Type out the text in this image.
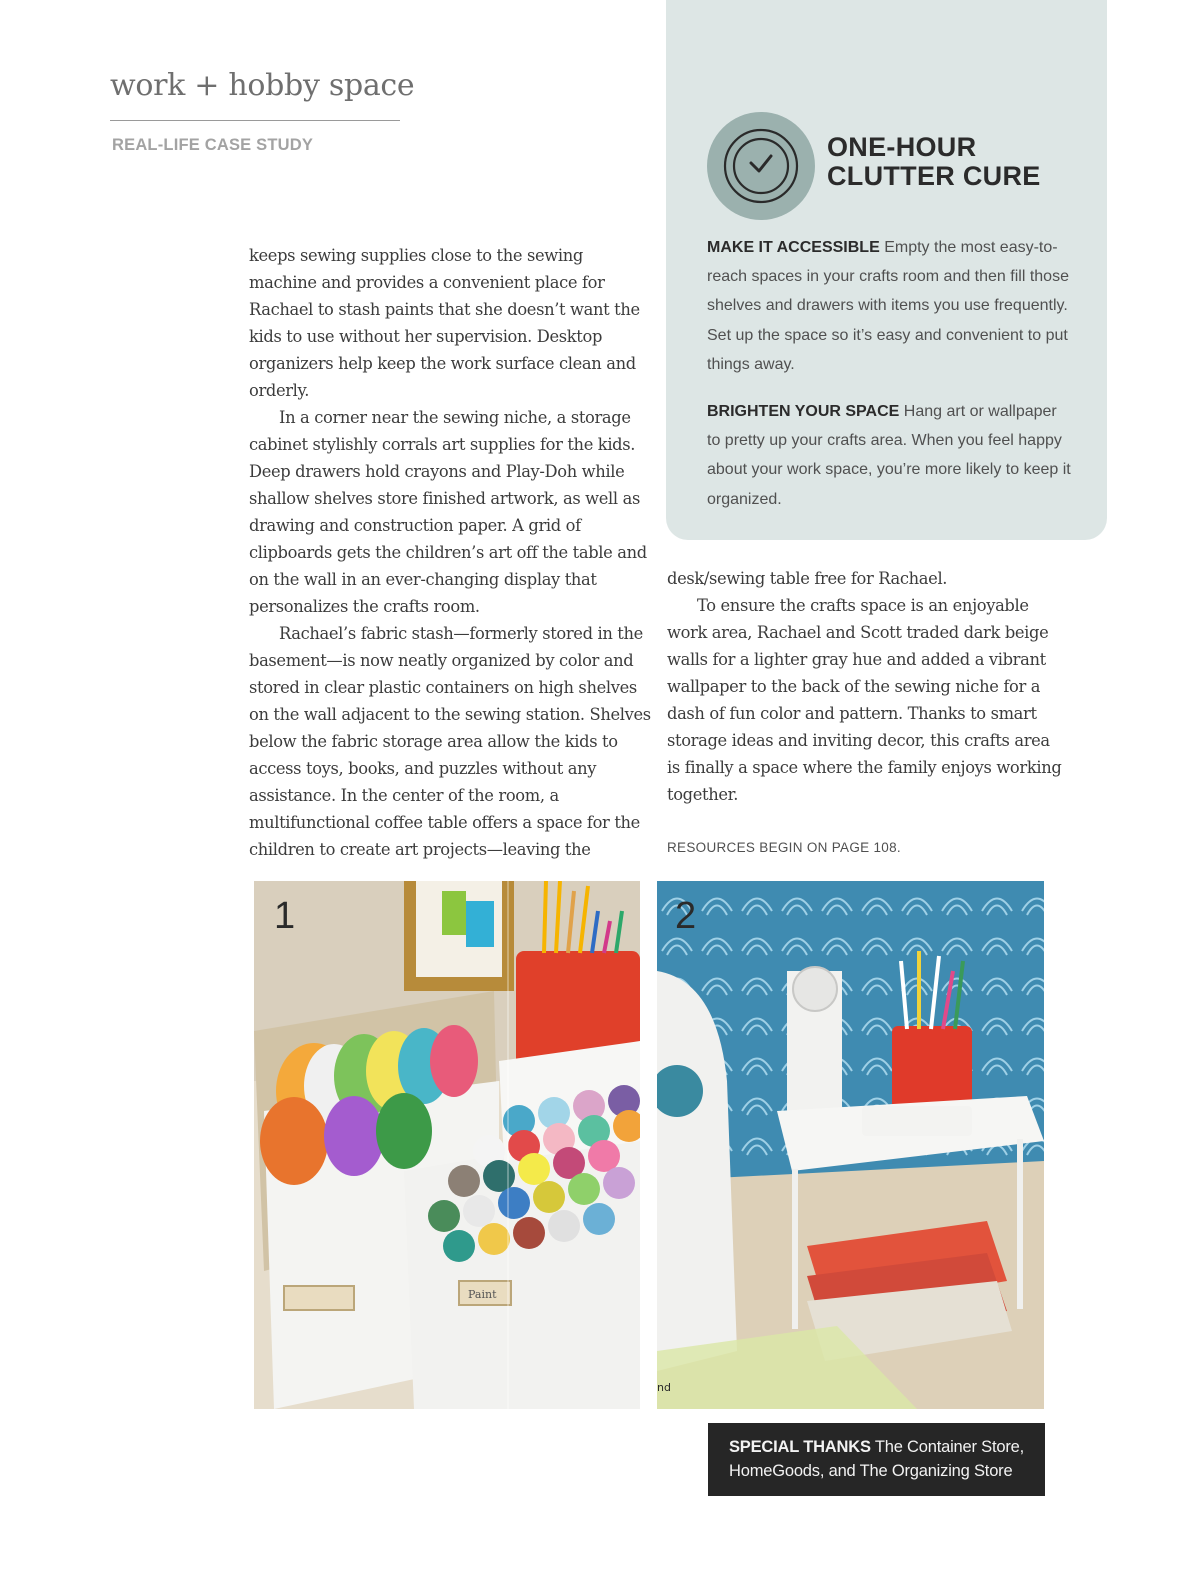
work + hobby space
REAL-LIFE CASE STUDY	ONE-HOUR
CLUTTER CURE
MAKE IT ACCESSIBLE Empty the most easy-to-reach spaces in your crafts room and then fill those shelves and drawers with items you use frequently. Set up the space so it’s easy and convenient to put things away.
BRIGHTEN YOUR SPACE Hang art or wallpaper to pretty up your crafts area. When you feel happy about your work space, you’re more likely to keep it organized.

keeps sewing supplies close to the sewing machine and provides a convenient place for Rachael to stash paints that she doesn’t want the kids to use without her supervision. Desktop organizers help keep the work surface clean and orderly.

In a corner near the sewing niche, a storage cabinet stylishly corrals art supplies for the kids. Deep drawers hold crayons and Play-Doh while shallow shelves store finished artwork, as well as drawing and construction paper. A grid of clipboards gets the children’s art off the table and on the wall in an ever-changing display that personalizes the crafts room.

Rachael’s fabric stash—formerly stored in the basement—is now neatly organized by color and stored in clear plastic containers on high shelves on the wall adjacent to the sewing station. Shelves below the fabric storage area allow the kids to access toys, books, and puzzles without any assistance. In the center of the room, a multifunctional coffee table offers a space for the children to create art projects—leaving the

desk/sewing table free for Rachael.

To ensure the crafts space is an enjoyable work area, Rachael and Scott traded dark beige walls for a lighter gray hue and added a vibrant wallpaper to the back of the sewing niche for a dash of fun color and pattern. Thanks to smart storage ideas and inviting decor, this crafts area is finally a space where the family enjoys working together.

RESOURCES BEGIN ON PAGE 108.
Paint
1
nd
2
SPECIAL THANKS The Container Store, HomeGoods, and The Organizing Store
